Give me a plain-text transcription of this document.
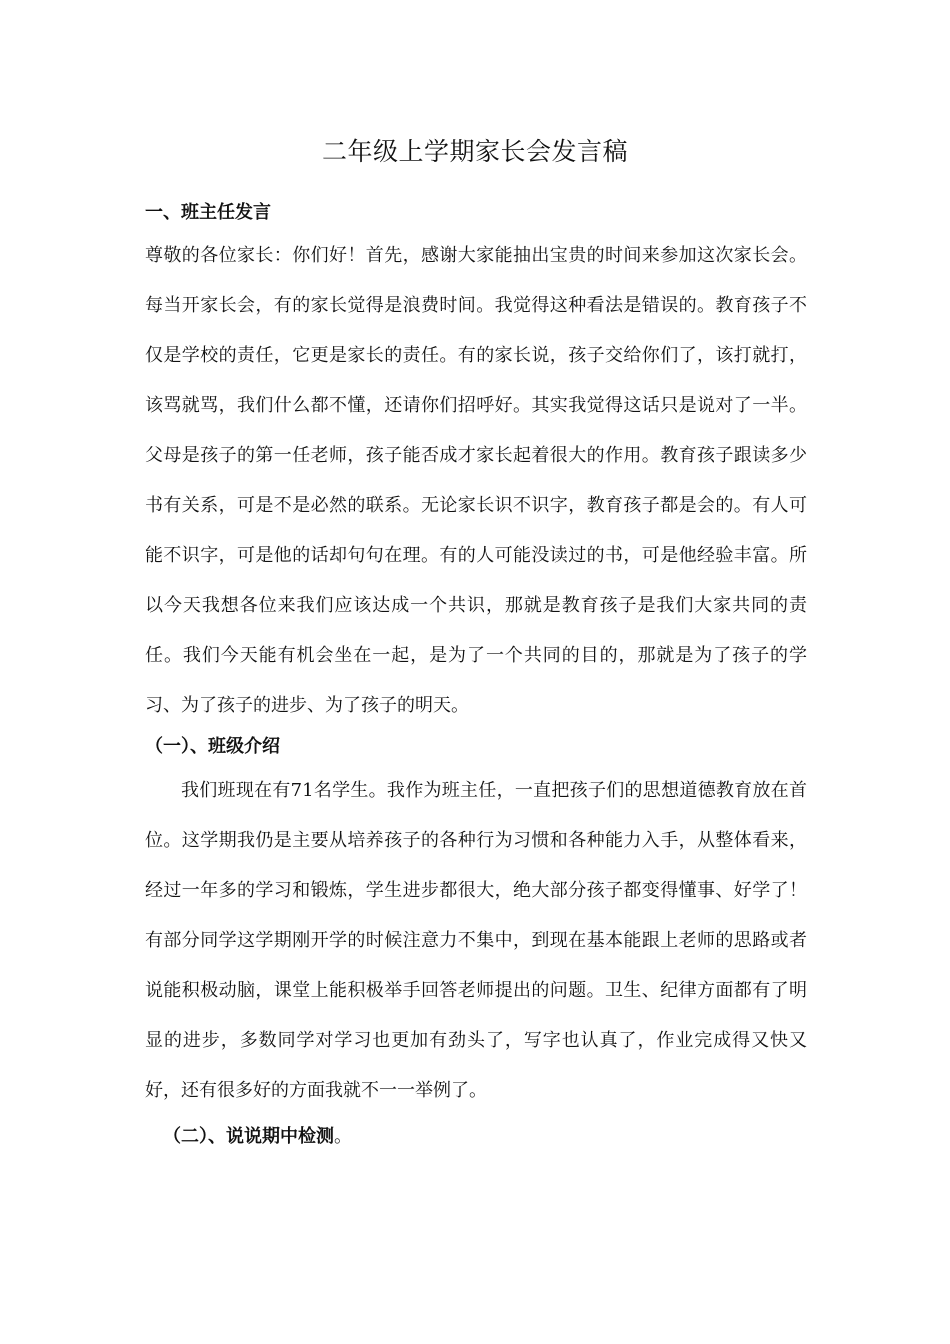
二年级上学期家长会发言稿
一、班主任发言

尊敬的各位家长：你们好！首先，感谢大家能抽出宝贵的时间来参加这次家长会。每当开家长会，有的家长觉得是浪费时间。我觉得这种看法是错误的。教育孩子不仅是学校的责任，它更是家长的责任。有的家长说，孩子交给你们了，该打就打，该骂就骂，我们什么都不懂，还请你们招呼好。其实我觉得这话只是说对了一半。父母是孩子的第一任老师，孩子能否成才家长起着很大的作用。教育孩子跟读多少书有关系，可是不是必然的联系。无论家长识不识字，教育孩子都是会的。有人可能不识字，可是他的话却句句在理。有的人可能没读过的书，可是他经验丰富。所以今天我想各位来我们应该达成一个共识，那就是教育孩子是我们大家共同的责任。我们今天能有机会坐在一起，是为了一个共同的目的，那就是为了孩子的学习、为了孩子的进步、为了孩子的明天。

（一）、班级介绍

我们班现在有71名学生。我作为班主任，一直把孩子们的思想道德教育放在首位。这学期我仍是主要从培养孩子的各种行为习惯和各种能力入手，从整体看来，经过一年多的学习和锻炼，学生进步都很大，绝大部分孩子都变得懂事、好学了！有部分同学这学期刚开学的时候注意力不集中，到现在基本能跟上老师的思路或者说能积极动脑，课堂上能积极举手回答老师提出的问题。卫生、纪律方面都有了明显的进步，多数同学对学习也更加有劲头了，写字也认真了，作业完成得又快又好，还有很多好的方面我就不一一举例了。

（二）、说说期中检测。
